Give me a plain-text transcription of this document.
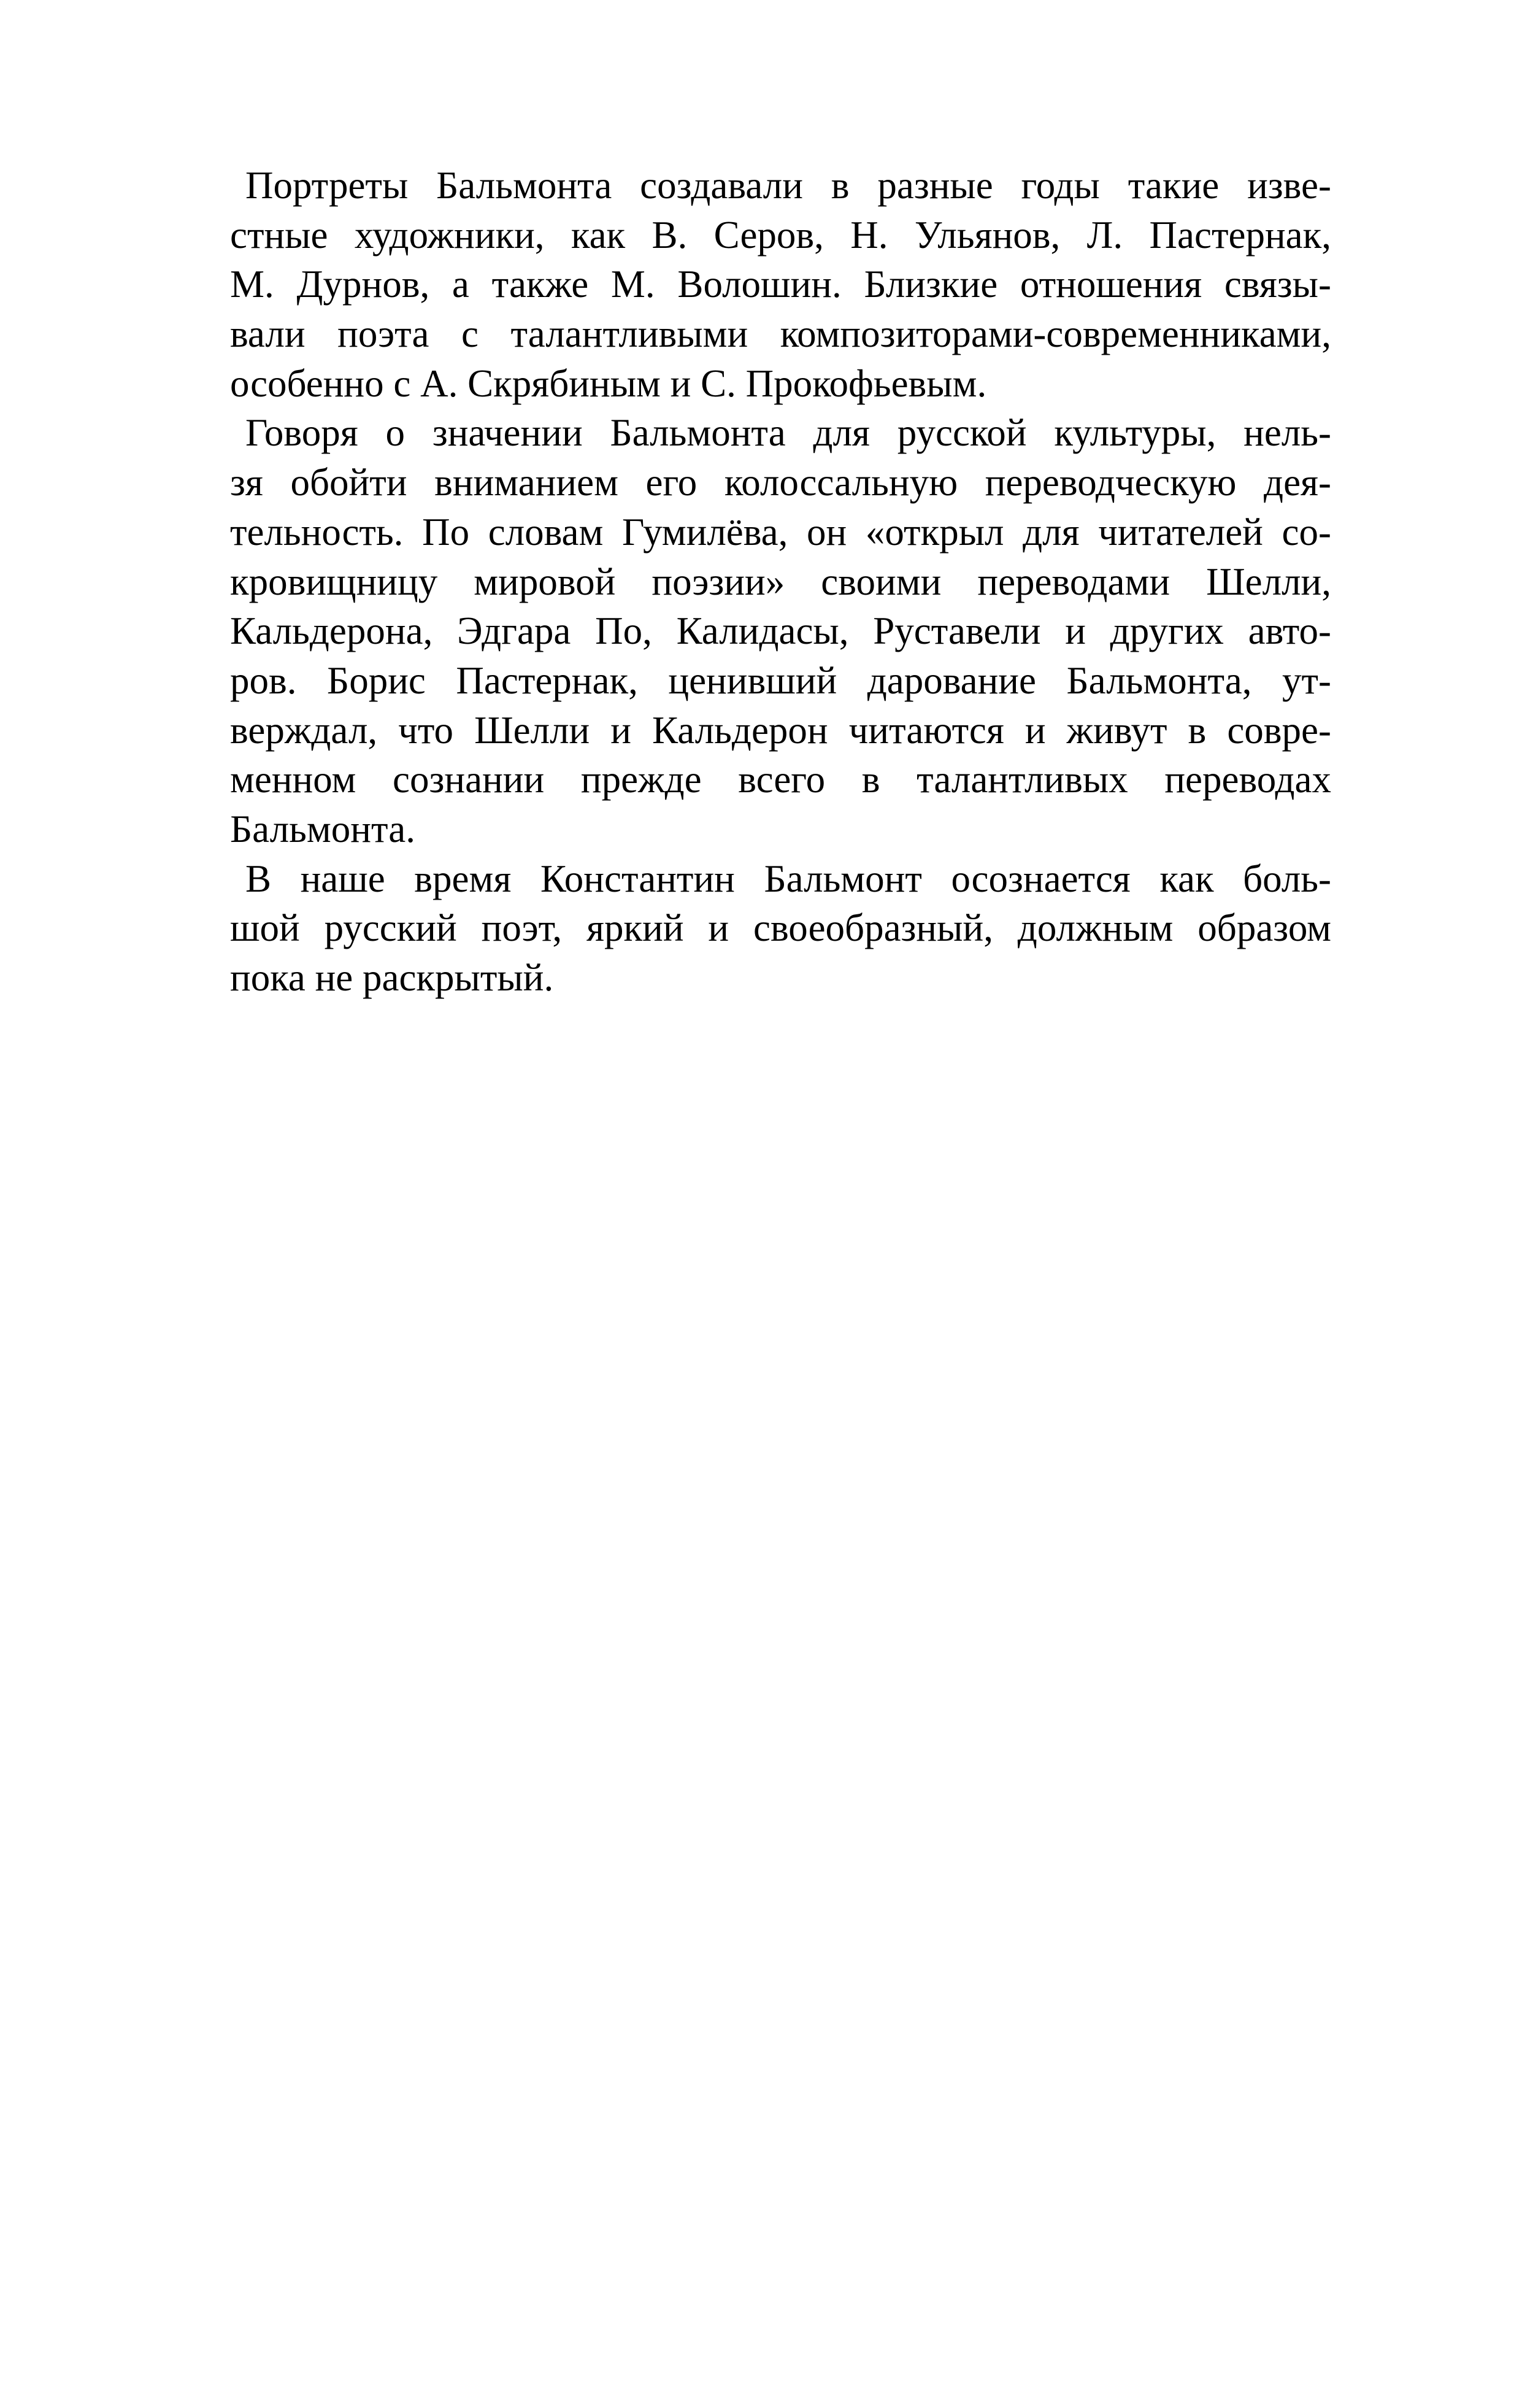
Портреты Бальмонта создавали в разные годы такие изве-
стные художники, как В. Серов, Н. Ульянов, Л. Пастернак,
М. Дурнов, а также М. Волошин. Близкие отношения связы-
вали поэта с талантливыми композиторами-современниками,
особенно с А. Скрябиным и С. Прокофьевым.
Говоря о значении Бальмонта для русской культуры, нель-
зя обойти вниманием его колоссальную переводческую дея-
тельность. По словам Гумилёва, он «открыл для читателей со-
кровищницу мировой поэзии» своими переводами Шелли,
Кальдерона, Эдгара По, Калидасы, Руставели и других авто-
ров. Борис Пастернак, ценивший дарование Бальмонта, ут-
верждал, что Шелли и Кальдерон читаются и живут в совре-
менном сознании прежде всего в талантливых переводах
Бальмонта.
В наше время Константин Бальмонт осознается как боль-
шой русский поэт, яркий и своеобразный, должным образом
пока не раскрытый.
